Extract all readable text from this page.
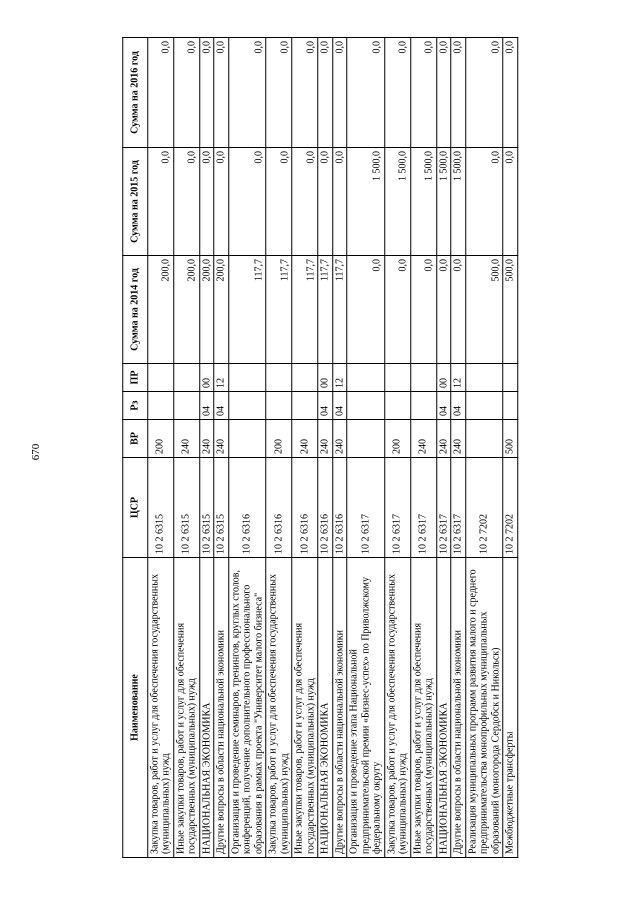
670
Наименование	ЦСР	ВР	Рз	ПР	Сумма на 2014 год	Сумма на 2015 год	Сумма на 2016 год
Закупка товаров, работ и услуг для обеспечения государственных (муниципальных) нужд	10 2 6315	200			200,0	0,0	0,0
Иные закупки товаров, работ и услуг для обеспечения государственных (муниципальных) нужд	10 2 6315	240			200,0	0,0	0,0
НАЦИОНАЛЬНАЯ ЭКОНОМИКА	10 2 6315	240	04	00	200,0	0,0	0,0
Другие вопросы в области национальной экономики	10 2 6315	240	04	12	200,0	0,0	0,0
Организация и проведение семинаров, тренингов, круглых столов, конференций, получение дополнительного профессионального образования в рамках проекта "Университет малого бизнеса"	10 2 6316				117,7	0,0	0,0
Закупка товаров, работ и услуг для обеспечения государственных (муниципальных) нужд	10 2 6316	200			117,7	0,0	0,0
Иные закупки товаров, работ и услуг для обеспечения государственных (муниципальных) нужд	10 2 6316	240			117,7	0,0	0,0
НАЦИОНАЛЬНАЯ ЭКОНОМИКА	10 2 6316	240	04	00	117,7	0,0	0,0
Другие вопросы в области национальной экономики	10 2 6316	240	04	12	117,7	0,0	0,0
Организация и проведение этапа Национальной предпринимательской премии «Бизнес-успех» по Приволжскому федеральному округу	10 2 6317				0,0	1 500,0	0,0
Закупка товаров, работ и услуг для обеспечения государственных (муниципальных) нужд	10 2 6317	200			0,0	1 500,0	0,0
Иные закупки товаров, работ и услуг для обеспечения государственных (муниципальных) нужд	10 2 6317	240			0,0	1 500,0	0,0
НАЦИОНАЛЬНАЯ ЭКОНОМИКА	10 2 6317	240	04	00	0,0	1 500,0	0,0
Другие вопросы в области национальной экономики	10 2 6317	240	04	12	0,0	1 500,0	0,0
Реализация муниципальных программ развития малого и среднего предпринимательства монопрофильных муниципальных образований (моногорода Сердобск и Никольск)	10 2 7202				500,0	0,0	0,0
Межбюджетные трансферты	10 2 7202	500			500,0	0,0	0,0
